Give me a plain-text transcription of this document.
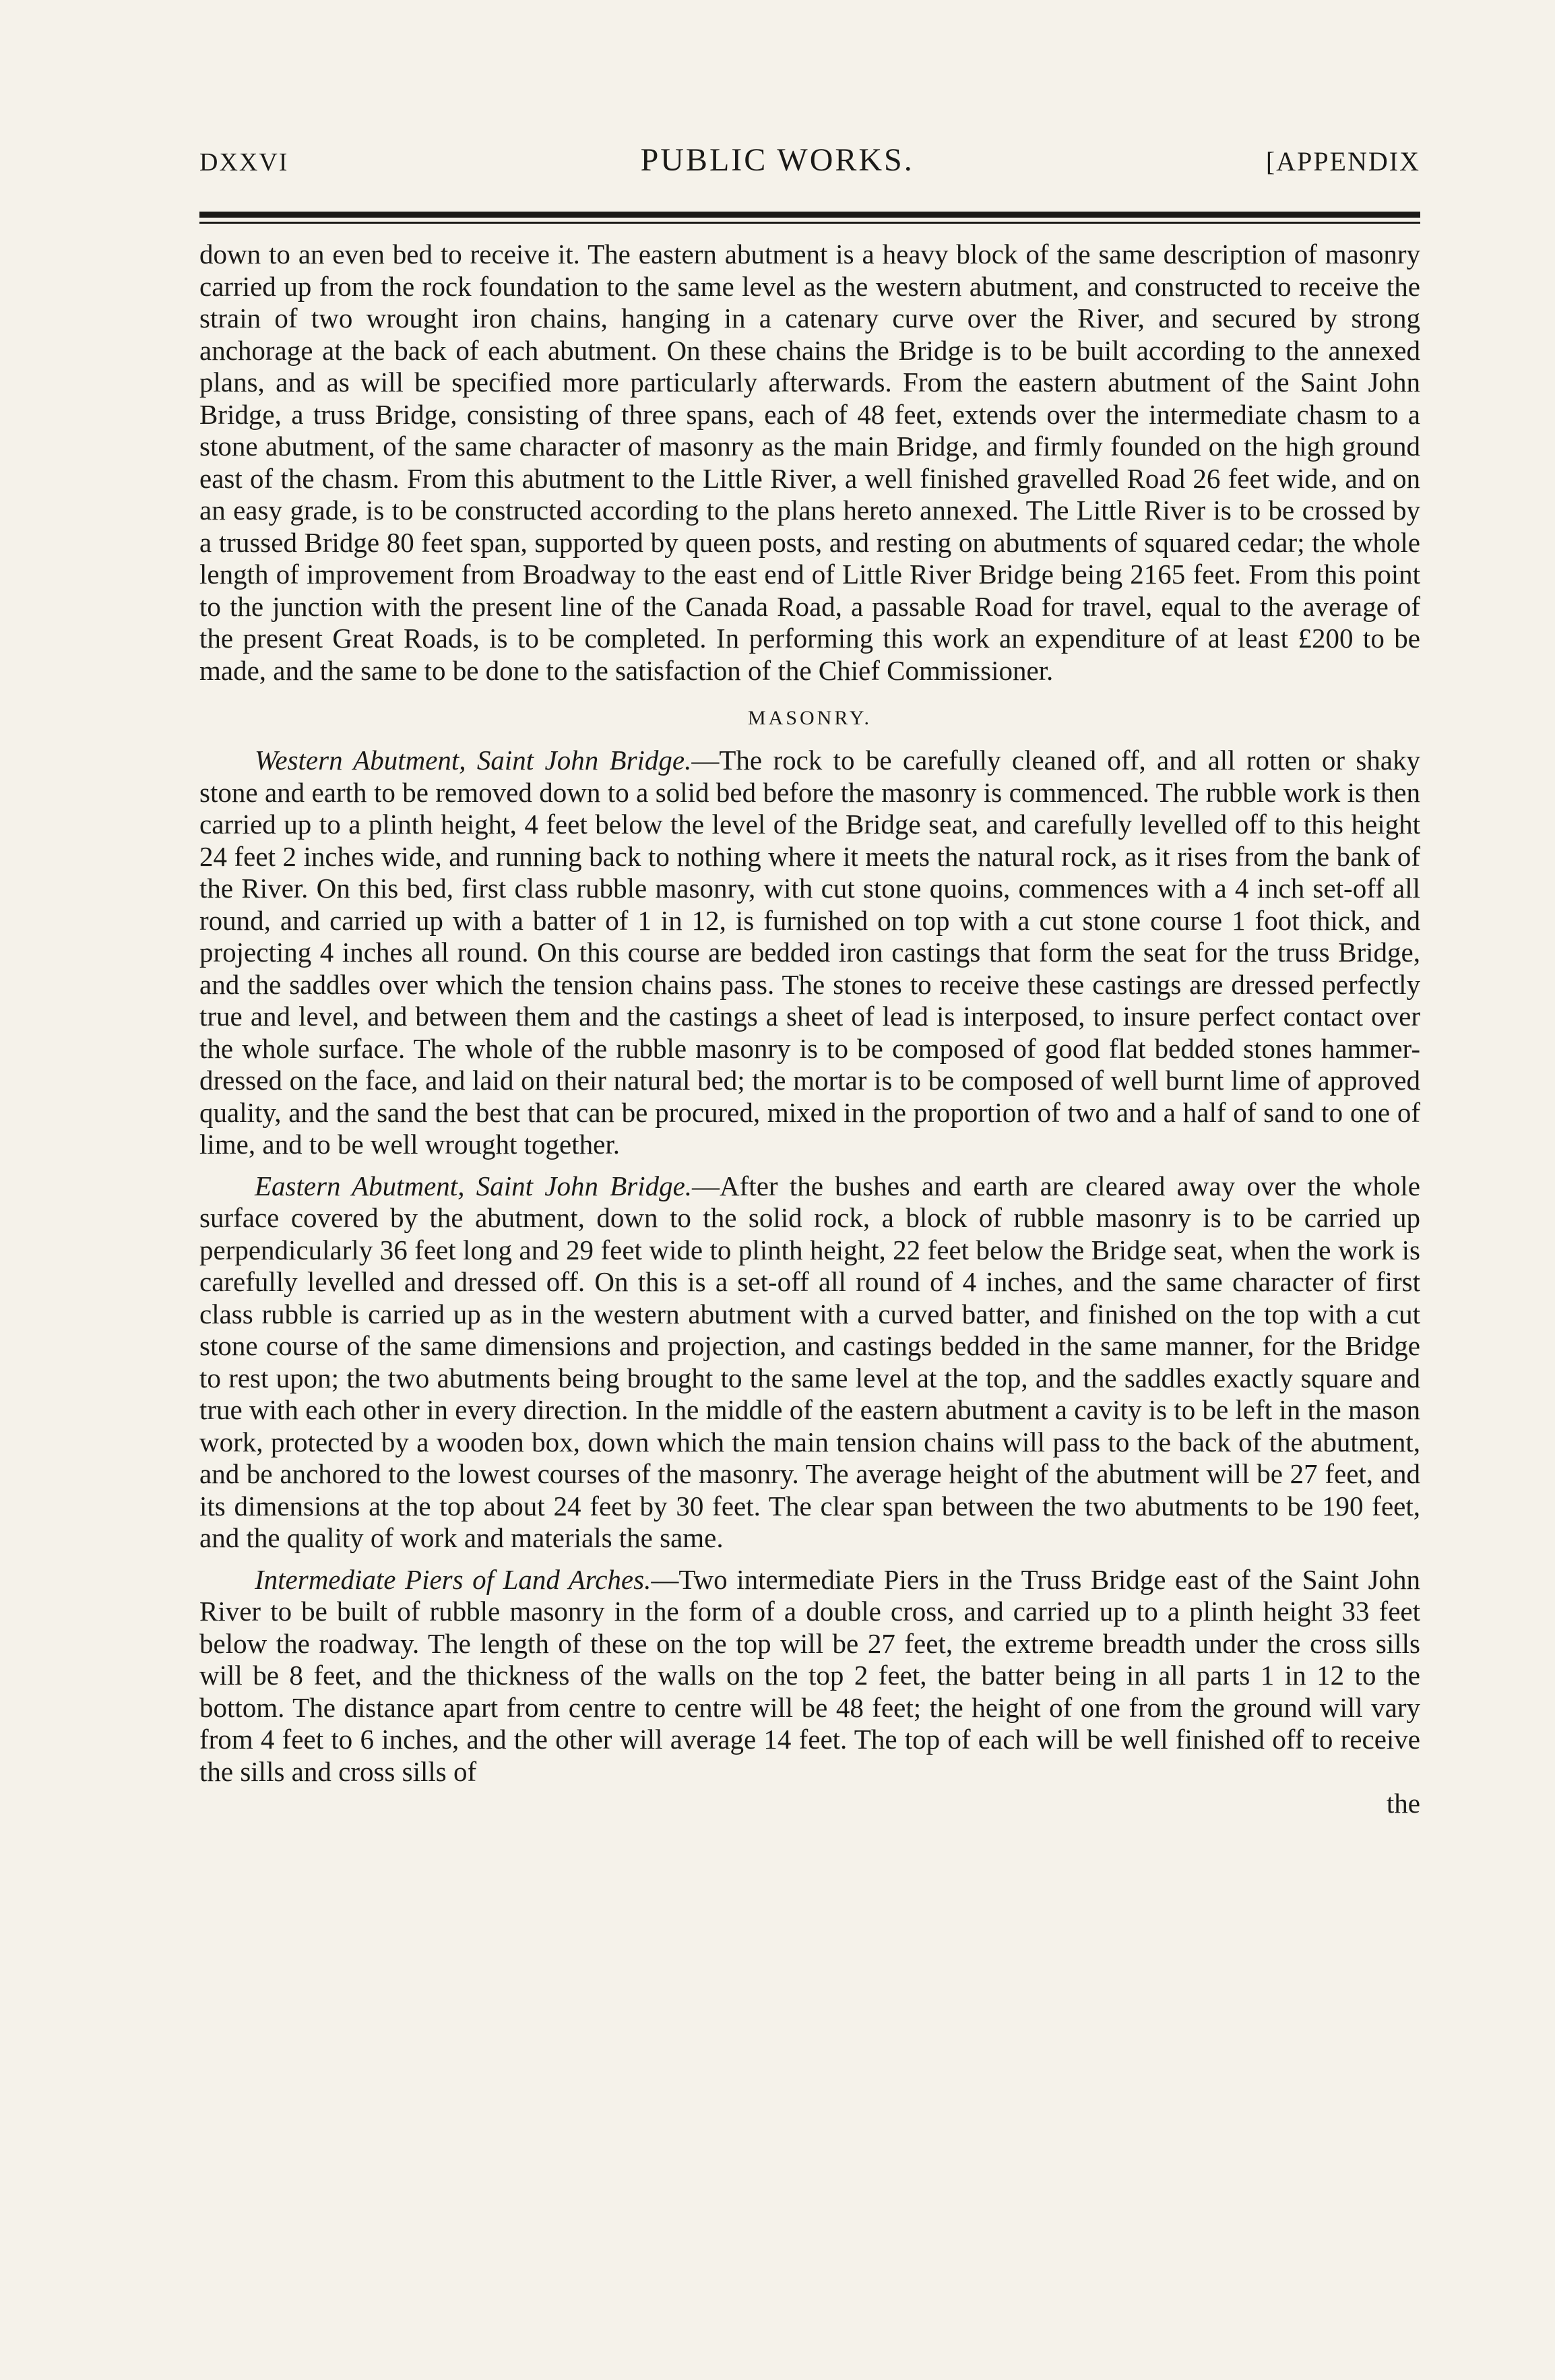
DXXVI	PUBLIC WORKS.	[APPENDIX

down to an even bed to receive it. The eastern abutment is a heavy block of the same description of masonry carried up from the rock foundation to the same level as the western abutment, and constructed to receive the strain of two wrought iron chains, hanging in a catenary curve over the River, and secured by strong anchorage at the back of each abutment. On these chains the Bridge is to be built according to the annexed plans, and as will be specified more particularly afterwards. From the eastern abutment of the Saint John Bridge, a truss Bridge, consisting of three spans, each of 48 feet, extends over the intermediate chasm to a stone abutment, of the same character of masonry as the main Bridge, and firmly founded on the high ground east of the chasm. From this abutment to the Little River, a well finished gravelled Road 26 feet wide, and on an easy grade, is to be constructed according to the plans hereto annexed. The Little River is to be crossed by a trussed Bridge 80 feet span, supported by queen posts, and resting on abutments of squared cedar; the whole length of improvement from Broadway to the east end of Little River Bridge being 2165 feet. From this point to the junction with the present line of the Canada Road, a passable Road for travel, equal to the average of the present Great Roads, is to be completed. In performing this work an expenditure of at least £200 to be made, and the same to be done to the satisfaction of the Chief Commissioner.

MASONRY.

Western Abutment, Saint John Bridge.—The rock to be carefully cleaned off, and all rotten or shaky stone and earth to be removed down to a solid bed before the masonry is commenced. The rubble work is then carried up to a plinth height, 4 feet below the level of the Bridge seat, and carefully levelled off to this height 24 feet 2 inches wide, and running back to nothing where it meets the natural rock, as it rises from the bank of the River. On this bed, first class rubble masonry, with cut stone quoins, commences with a 4 inch set-off all round, and carried up with a batter of 1 in 12, is furnished on top with a cut stone course 1 foot thick, and projecting 4 inches all round. On this course are bedded iron castings that form the seat for the truss Bridge, and the saddles over which the tension chains pass. The stones to receive these castings are dressed perfectly true and level, and between them and the castings a sheet of lead is interposed, to insure perfect contact over the whole surface. The whole of the rubble masonry is to be composed of good flat bedded stones hammer-dressed on the face, and laid on their natural bed; the mortar is to be composed of well burnt lime of approved quality, and the sand the best that can be procured, mixed in the proportion of two and a half of sand to one of lime, and to be well wrought together.

Eastern Abutment, Saint John Bridge.—After the bushes and earth are cleared away over the whole surface covered by the abutment, down to the solid rock, a block of rubble masonry is to be carried up perpendicularly 36 feet long and 29 feet wide to plinth height, 22 feet below the Bridge seat, when the work is carefully levelled and dressed off. On this is a set-off all round of 4 inches, and the same character of first class rubble is carried up as in the western abutment with a curved batter, and finished on the top with a cut stone course of the same dimensions and projection, and castings bedded in the same manner, for the Bridge to rest upon; the two abutments being brought to the same level at the top, and the saddles exactly square and true with each other in every direction. In the middle of the eastern abutment a cavity is to be left in the mason work, protected by a wooden box, down which the main tension chains will pass to the back of the abutment, and be anchored to the lowest courses of the masonry. The average height of the abutment will be 27 feet, and its dimensions at the top about 24 feet by 30 feet. The clear span between the two abutments to be 190 feet, and the quality of work and materials the same.

Intermediate Piers of Land Arches.—Two intermediate Piers in the Truss Bridge east of the Saint John River to be built of rubble masonry in the form of a double cross, and carried up to a plinth height 33 feet below the roadway. The length of these on the top will be 27 feet, the extreme breadth under the cross sills will be 8 feet, and the thickness of the walls on the top 2 feet, the batter being in all parts 1 in 12 to the bottom. The distance apart from centre to centre will be 48 feet; the height of one from the ground will vary from 4 feet to 6 inches, and the other will average 14 feet. The top of each will be well finished off to receive the sills and cross sills of

the
